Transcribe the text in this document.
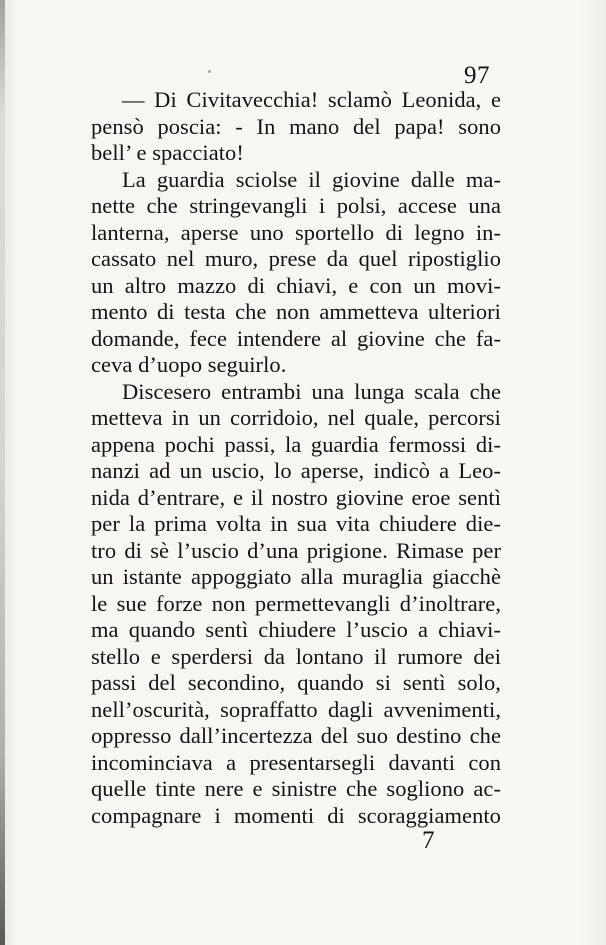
97
— Di Civitavecchia! sclamò Leonida, e
pensò poscia: - In mano del papa! sono
bell’ e spacciato!
La guardia sciolse il giovine dalle ma-
nette che stringevangli i polsi, accese una
lanterna, aperse uno sportello di legno in-
cassato nel muro, prese da quel ripostiglio
un altro mazzo di chiavi, e con un movi-
mento di testa che non ammetteva ulteriori
domande, fece intendere al giovine che fa-
ceva d’uopo seguirlo.
Discesero entrambi una lunga scala che
metteva in un corridoio, nel quale, percorsi
appena pochi passi, la guardia fermossi di-
nanzi ad un uscio, lo aperse, indicò a Leo-
nida d’entrare, e il nostro giovine eroe sentì
per la prima volta in sua vita chiudere die-
tro di sè l’uscio d’una prigione. Rimase per
un istante appoggiato alla muraglia giacchè
le sue forze non permettevangli d’inoltrare,
ma quando sentì chiudere l’uscio a chiavi-
stello e sperdersi da lontano il rumore dei
passi del secondino, quando si sentì solo,
nell’oscurità, sopraffatto dagli avvenimenti,
oppresso dall’incertezza del suo destino che
incominciava a presentarsegli davanti con
quelle tinte nere e sinistre che sogliono ac-
compagnare i momenti di scoraggiamento
7
